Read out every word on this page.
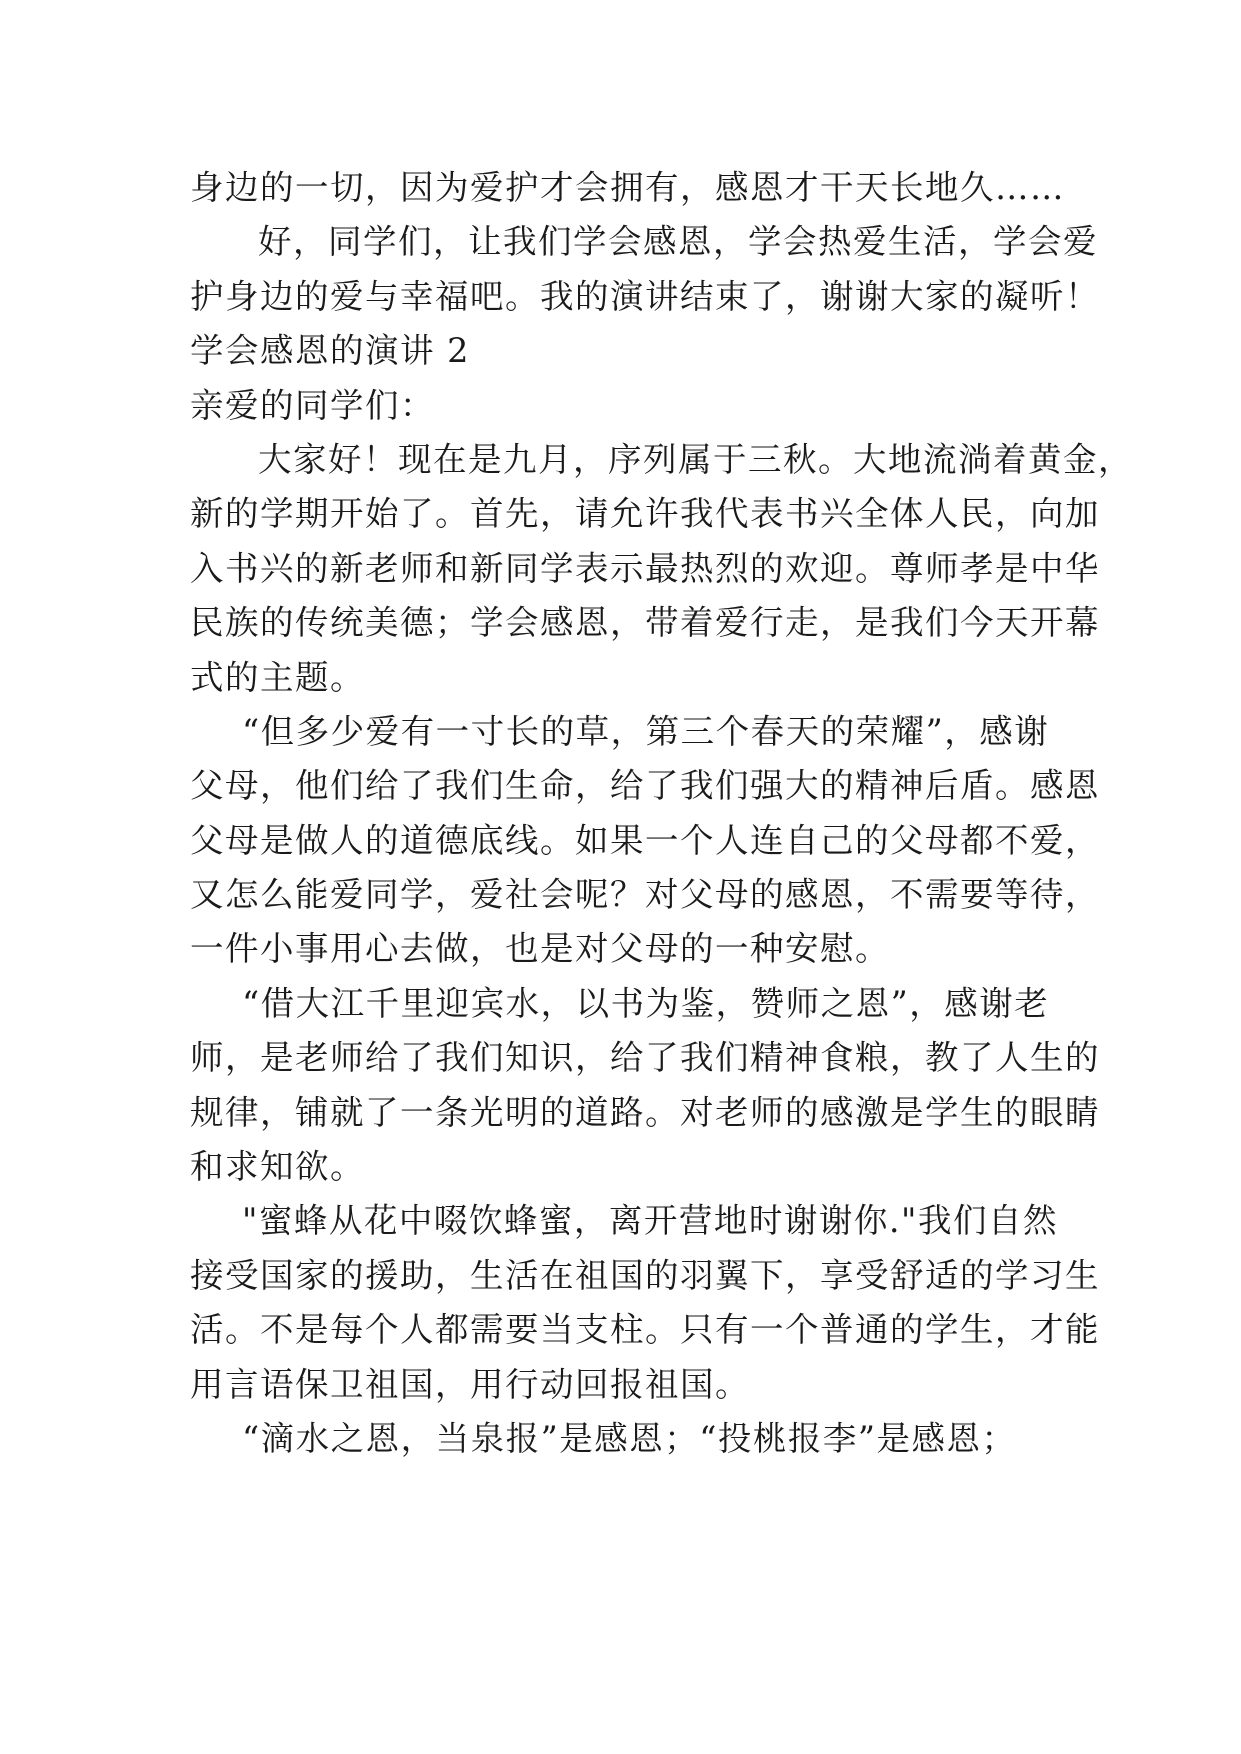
身边的一切，因为爱护才会拥有，感恩才干天长地久……
好，同学们，让我们学会感恩，学会热爱生活，学会爱
护身边的爱与幸福吧。我的演讲结束了，谢谢大家的凝听！
学会感恩的演讲 2
亲爱的同学们：
大家好！现在是九月，序列属于三秋。大地流淌着黄金，
新的学期开始了。首先，请允许我代表书兴全体人民，向加
入书兴的新老师和新同学表示最热烈的欢迎。尊师孝是中华
民族的传统美德；学会感恩，带着爱行走，是我们今天开幕
式的主题。
“但多少爱有一寸长的草，第三个春天的荣耀”，感谢
父母，他们给了我们生命，给了我们强大的精神后盾。感恩
父母是做人的道德底线。如果一个人连自己的父母都不爱，
又怎么能爱同学，爱社会呢？对父母的感恩，不需要等待，
一件小事用心去做，也是对父母的一种安慰。
“借大江千里迎宾水，以书为鉴，赞师之恩”，感谢老
师，是老师给了我们知识，给了我们精神食粮，教了人生的
规律，铺就了一条光明的道路。对老师的感激是学生的眼睛
和求知欲。
"蜜蜂从花中啜饮蜂蜜，离开营地时谢谢你."我们自然
接受国家的援助，生活在祖国的羽翼下，享受舒适的学习生
活。不是每个人都需要当支柱。只有一个普通的学生，才能
用言语保卫祖国，用行动回报祖国。
“滴水之恩，当泉报”是感恩；“投桃报李”是感恩；
